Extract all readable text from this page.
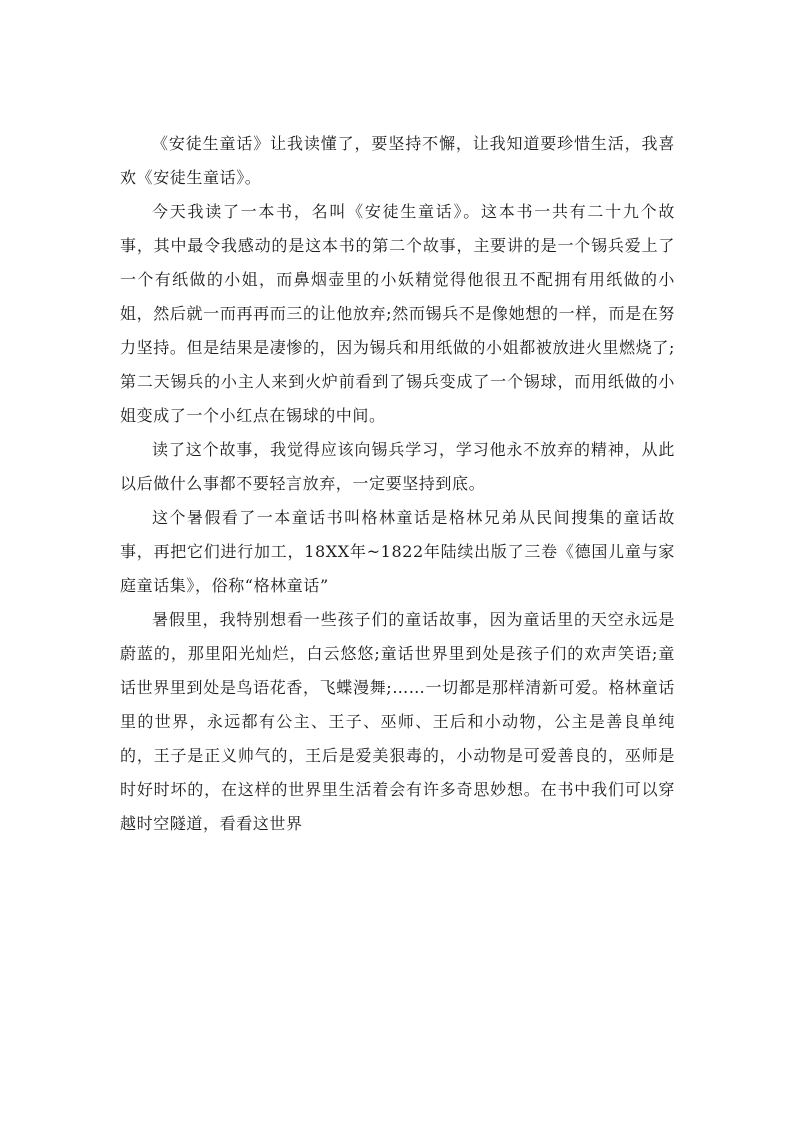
《安徒生童话》让我读懂了，要坚持不懈，让我知道要珍惜生活，我喜欢《安徒生童话》。

今天我读了一本书，名叫《安徒生童话》。这本书一共有二十九个故事，其中最令我感动的是这本书的第二个故事，主要讲的是一个锡兵爱上了一个有纸做的小姐，而鼻烟壶里的小妖精觉得他很丑不配拥有用纸做的小姐，然后就一而再再而三的让他放弃;然而锡兵不是像她想的一样，而是在努力坚持。但是结果是凄惨的，因为锡兵和用纸做的小姐都被放进火里燃烧了;第二天锡兵的小主人来到火炉前看到了锡兵变成了一个锡球，而用纸做的小姐变成了一个小红点在锡球的中间。

读了这个故事，我觉得应该向锡兵学习，学习他永不放弃的精神，从此以后做什么事都不要轻言放弃，一定要坚持到底。

这个暑假看了一本童话书叫格林童话是格林兄弟从民间搜集的童话故事，再把它们进行加工，18XX年~1822年陆续出版了三卷《德国儿童与家庭童话集》，俗称“格林童话”

暑假里，我特别想看一些孩子们的童话故事，因为童话里的天空永远是蔚蓝的，那里阳光灿烂，白云悠悠;童话世界里到处是孩子们的欢声笑语;童话世界里到处是鸟语花香，飞蝶漫舞;……一切都是那样清新可爱。格林童话里的世界，永远都有公主、王子、巫师、王后和小动物，公主是善良单纯的，王子是正义帅气的，王后是爱美狠毒的，小动物是可爱善良的，巫师是时好时坏的，在这样的世界里生活着会有许多奇思妙想。在书中我们可以穿越时空隧道，看看这世界
